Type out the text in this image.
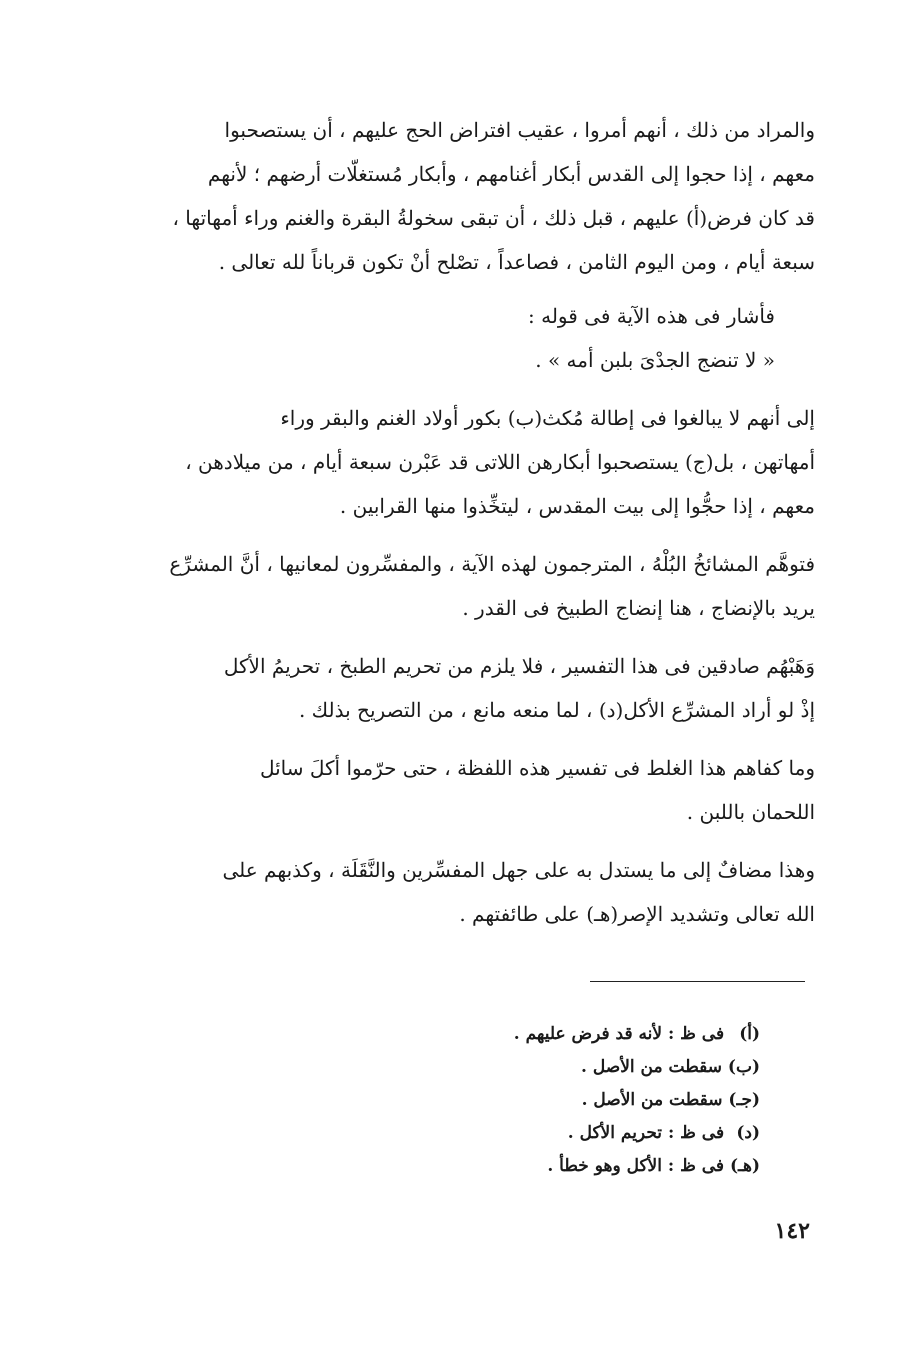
والمراد من ذلك ، أنهم أمروا ، عقيب افتراض الحج عليهم ، أن يستصحبوا
معهم ، إذا حجوا إلى القدس أبكار أغنامهم ، وأبكار مُستغلّات أرضهم ؛ لأنهم
قد كان فرض(أ) عليهم ، قبل ذلك ، أن تبقى سخولةُ البقرة والغنم وراء أمهاتها ،
سبعة أيام ، ومن اليوم الثامن ، فصاعداً ، تصْلح أنْ تكون قرباناً لله تعالى .

فأشار فى هذه الآية فى قوله :

« لا تنضج الجدْىَ بلبن أمه » .

إلى أنهم لا يبالغوا فى إطالة مُكث(ب) بكور أولاد الغنم والبقر وراء
أمهاتهن ، بل(ج) يستصحبوا أبكارهن اللاتى قد عَبْرن سبعة أيام ، من ميلادهن ،
معهم ، إذا حجُّوا إلى بيت المقدس ، ليتخِّذوا منها القرابين .

فتوهَّم المشائخُ البُلْهُ ، المترجمون لهذه الآية ، والمفسِّرون لمعانيها ، أنَّ المشرِّع
يريد بالإنضاج ، هنا إنضاج الطبيخ فى القدر .

وَهَبْهُم صادقين فى هذا التفسير ، فلا يلزم من تحريم الطبخ ، تحريمُ الأكل
إذْ لو أراد المشرِّع الأكل(د) ، لما منعه مانع ، من التصريح بذلك .

وما كفاهم هذا الغلط فى تفسير هذه اللفظة ، حتى حرّموا أكلَ سائل
اللحمان باللبن .

وهذا مضافٌ إلى ما يستدل به على جهل المفسِّرين والنَّقَلَة ، وكذبهم على
الله تعالى وتشديد الإصر(هـ) على طائفتهم .

(أ) فى ظ : لأنه قد فرض عليهم .
(ب) سقطت من الأصل .
(جـ) سقطت من الأصل .
(د) فى ظ : تحريم الأكل .
(هـ) فى ظ : الأكل وهو خطأ .
١٤٢
